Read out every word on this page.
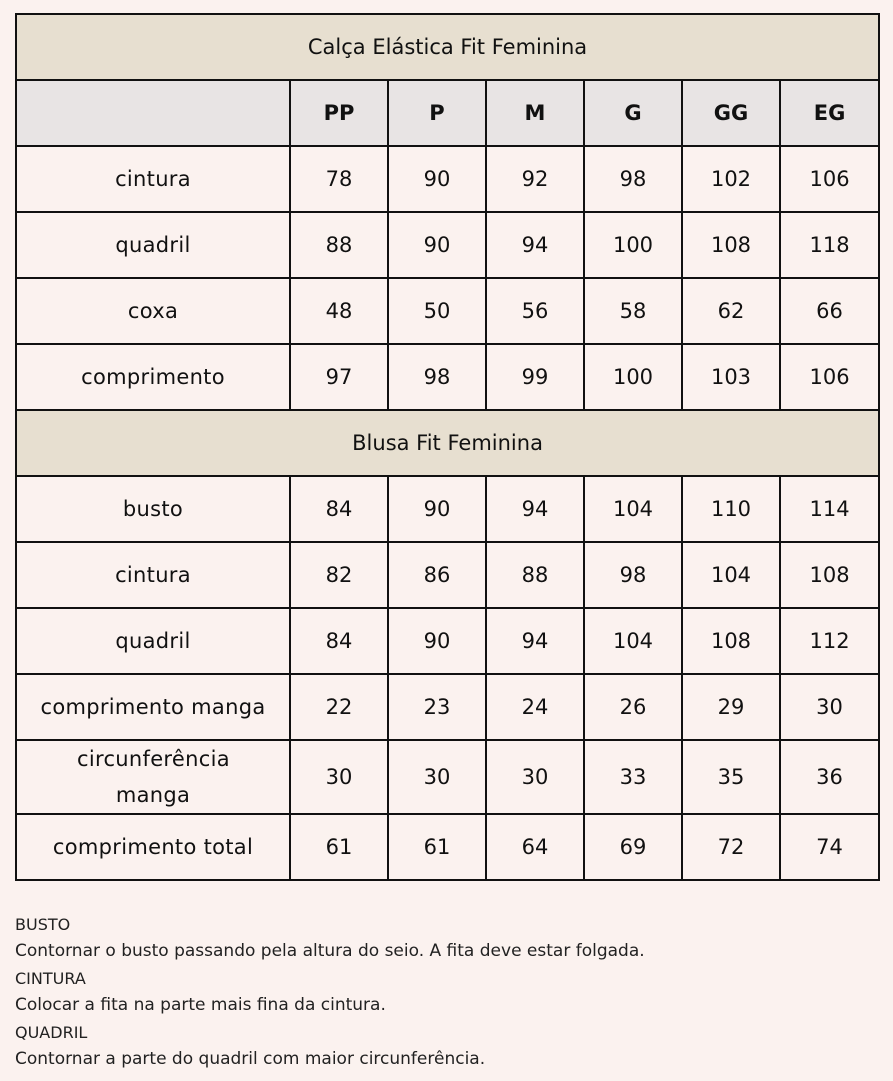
Calça Elástica Fit Feminina						
	PP	P	M	G	GG	EG
cintura	78	90	92	98	102	106
quadril	88	90	94	100	108	118
coxa	48	50	56	58	62	66
comprimento	97	98	99	100	103	106
Blusa Fit Feminina						
busto	84	90	94	104	110	114
cintura	82	86	88	98	104	108
quadril	84	90	94	104	108	112
comprimento manga	22	23	24	26	29	30
circunferência manga	30	30	30	33	35	36
comprimento total	61	61	64	69	72	74
BUSTO
Contornar o busto passando pela altura do seio. A fita deve estar folgada.
CINTURA
Colocar a fita na parte mais fina da cintura.
QUADRIL
Contornar a parte do quadril com maior circunferência.
